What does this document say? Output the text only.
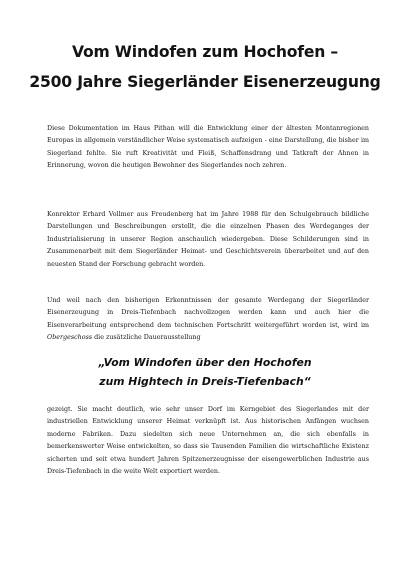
Vom Windofen zum Hochofen –
2500 Jahre Siegerländer Eisenerzeugung

Diese Dokumentation im Haus Pithan will die Entwicklung einer der ältesten Montanregionen Europas in allgemein verständlicher Weise systematisch aufzeigen - eine Darstellung, die bisher im Siegerland fehlte. Sie ruft Kreativität und Fleiß, Schaffensdrang und Tatkraft der Ahnen in Erinnerung, wovon die heutigen Bewohner des Siegerlandes noch zehren.

Konrektor Erhard Vollmer aus Freudenberg hat im Jahre 1988 für den Schulgebrauch bildliche Darstellungen und Beschreibungen erstellt, die die einzelnen Phasen des Werdeganges der Industrialisierung in unserer Region anschaulich wiedergeben. Diese Schilderungen sind in Zusammenarbeit mit dem Siegerländer Heimat- und Geschichtsverein überarbeitet und auf den neuesten Stand der Forschung gebracht worden.

Und weil nach den bisherigen Erkenntnissen der gesamte Werdegang der Siegerländer Eisenerzeugung in Dreis-Tiefenbach nachvollzogen werden kann und auch hier die Eisenverarbeitung entsprechend dem technischen Fortschritt weitergeführt worden ist, wird im Obergeschoss die zusätzliche Dauerausstellung

„Vom Windofen über den Hochofen

zum Hightech in Dreis-Tiefenbach“

gezeigt. Sie macht deutlich, wie sehr unser Dorf im Kerngebiet des Siegerlandes mit der industriellen Entwicklung unserer Heimat verknüpft ist. Aus historischen Anfängen wuchsen moderne Fabriken. Dazu siedelten sich neue Unternehmen an, die sich ebenfalls in bemerkenswerter Weise entwickelten, so dass sie Tausenden Familien die wirtschaftliche Existenz sicherten und seit etwa hundert Jahren Spitzenerzeugnisse der eisengewerblichen Industrie aus Dreis-Tiefenbach in die weite Welt exportiert werden.
